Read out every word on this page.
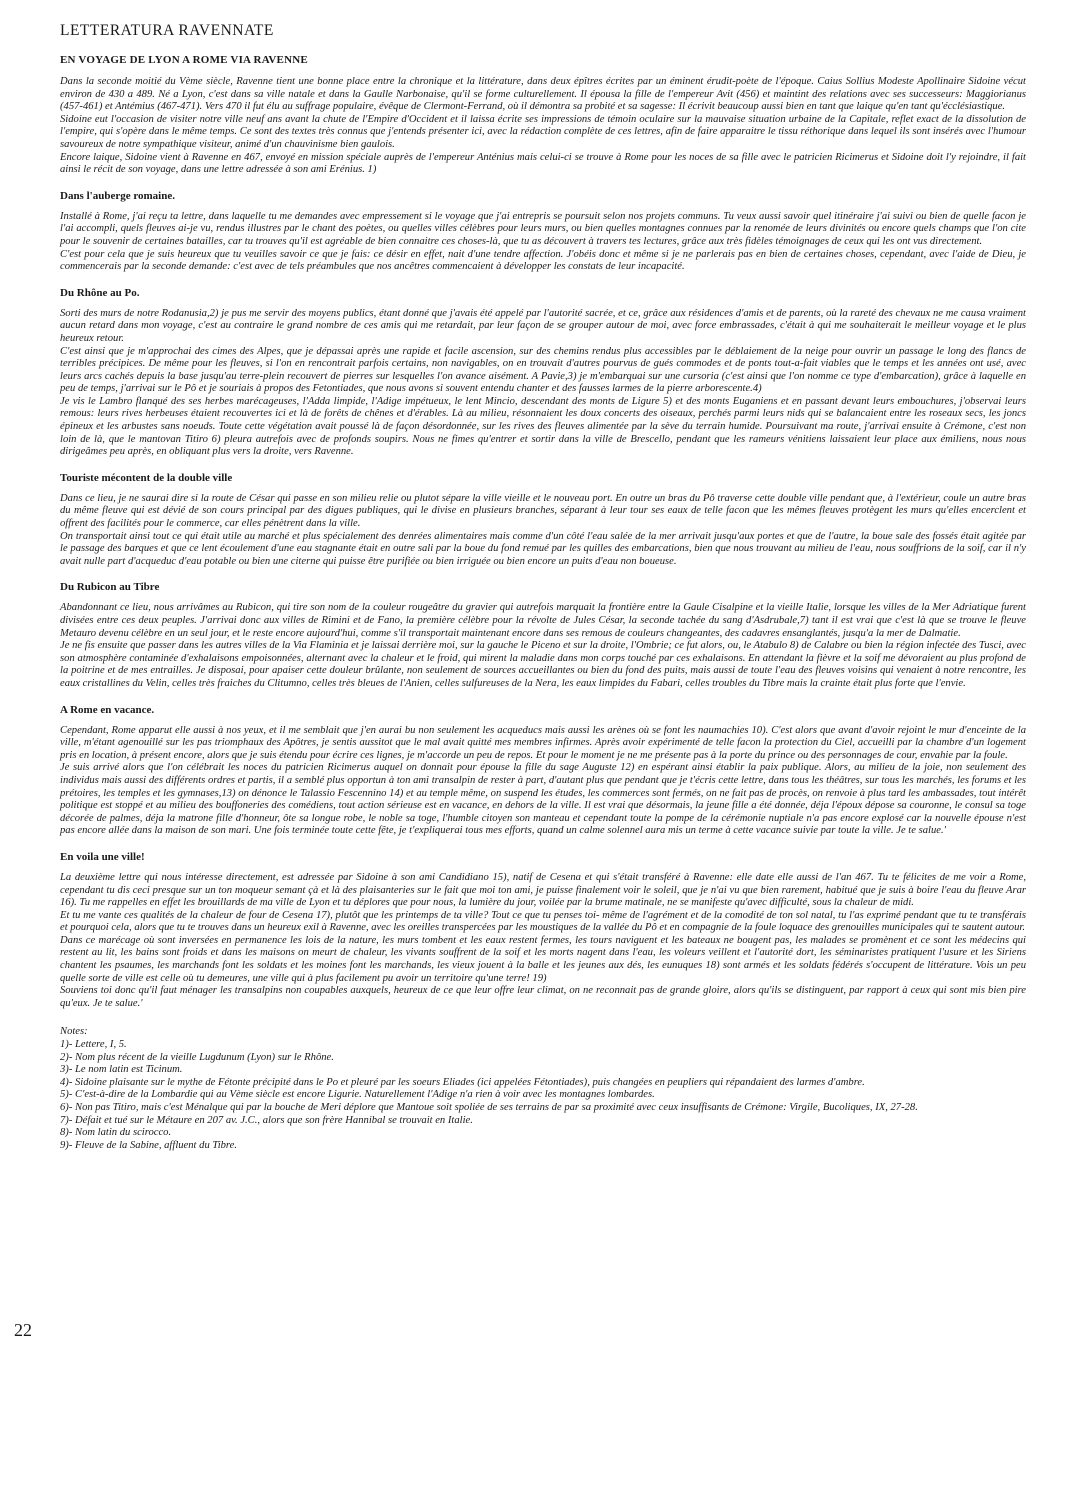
LETTERATURA RAVENNATE
EN VOYAGE DE LYON A ROME VIA RAVENNE

Dans la seconde moitié du Vème siècle, Ravenne tient une bonne place entre la chronique et la littérature, dans deux épîtres écrites par un éminent érudit-poète de l'époque. Caius Sollius Modeste Apollinaire Sidoine vécut environ de 430 a 489. Né a Lyon, c'est dans sa ville natale et dans la Gaulle Narbonaise, qu'il se forme culturellement. Il épousa la fille de l'empereur Avit (456) et maintint des relations avec ses successeurs: Maggiorianus (457-461) et Antémius (467-471). Vers 470 il fut élu au suffrage populaire, évêque de Clermont-Ferrand, où il démontra sa probité et sa sagesse: Il écrivit beaucoup aussi bien en tant que laique qu'en tant qu'écclésiastique.

Sidoine eut l'occasion de visiter notre ville neuf ans avant la chute de l'Empire d'Occident et il laissa écrite ses impressions de témoin oculaire sur la mauvaise situation urbaine de la Capitale, reflet exact de la dissolution de l'empire, qui s'opère dans le même temps. Ce sont des textes très connus que j'entends présenter ici, avec la rédaction complète de ces lettres, afin de faire apparaitre le tissu réthorique dans lequel ils sont insérés avec l'humour savoureux de notre sympathique visiteur, animé d'un chauvinisme bien gaulois.

Encore laique, Sidoine vient à Ravenne en 467, envoyé en mission spéciale auprès de l'empereur Anténius mais celui-ci se trouve à Rome pour les noces de sa fille avec le patricien Ricimerus et Sidoine doit l'y rejoindre, il fait ainsi le récit de son voyage, dans une lettre adressée à son ami Erénius. 1)

Dans l'auberge romaine.

Installé à Rome, j'ai reçu ta lettre, dans laquelle tu me demandes avec empressement si le voyage que j'ai entrepris se poursuit selon nos projets communs. Tu veux aussi savoir quel itinéraire j'ai suivi ou bien de quelle facon je l'ai accompli, quels fleuves ai-je vu, rendus illustres par le chant des poètes, ou quelles villes célèbres pour leurs murs, ou bien quelles montagnes connues par la renomée de leurs divinités ou encore quels champs que l'on cite pour le souvenir de certaines batailles, car tu trouves qu'il est agréable de bien connaitre ces choses-là, que tu as découvert à travers tes lectures, grâce aux très fidèles témoignages de ceux qui les ont vus directement.

C'est pour cela que je suis heureux que tu veuilles savoir ce que je fais: ce désir en effet, nait d'une tendre affection. J'obéis donc et même si je ne parlerais pas en bien de certaines choses, cependant, avec l'aide de Dieu, je commencerais par la seconde demande: c'est avec de tels préambules que nos ancêtres commencaient à développer les constats de leur incapacité.

Du Rhône au Po.

Sorti des murs de notre Rodanusia,2) je pus me servir des moyens publics, étant donné que j'avais été appelé par l'autorité sacrée, et ce, grâce aux résidences d'amis et de parents, où la rareté des chevaux ne me causa vraiment aucun retard dans mon voyage, c'est au contraire le grand nombre de ces amis qui me retardait, par leur façon de se grouper autour de moi, avec force embrassades, c'était à qui me souhaiterait le meilleur voyage et le plus heureux retour.

C'est ainsi que je m'approchai des cimes des Alpes, que je dépassai après une rapide et facile ascension, sur des chemins rendus plus accessibles par le déblaiement de la neige pour ouvrir un passage le long des flancs de terribles précipices. De même pour les fleuves, si l'on en rencontrait parfois certains, non navigables, on en trouvait d'autres pourvus de gués commodes et de ponts tout-a-fait viables que le temps et les années ont usé, avec leurs arcs cachés depuis la base jusqu'au terre-plein recouvert de pierres sur lesquelles l'on avance aisément. A Pavie,3) je m'embarquai sur une cursoria (c'est ainsi que l'on nomme ce type d'embarcation), grâce à laquelle en peu de temps, j'arrivai sur le Pô et je souriais à propos des Fetontiades, que nous avons si souvent entendu chanter et des fausses larmes de la pierre arborescente.4)

Je vis le Lambro flanqué des ses herbes marécageuses, l'Adda limpide, l'Adige impétueux, le lent Mincio, descendant des monts de Ligure 5) et des monts Euganiens et en passant devant leurs embouchures, j'observai leurs remous: leurs rives herbeuses étaient recouvertes ici et là de forêts de chênes et d'érables. Là au milieu, résonnaient les doux concerts des oiseaux, perchés parmi leurs nids qui se balancaient entre les roseaux secs, les joncs épineux et les arbustes sans noeuds. Toute cette végétation avait poussé là de façon désordonnée, sur les rives des fleuves alimentée par la sève du terrain humide. Poursuivant ma route, j'arrivai ensuite à Crémone, c'est non loin de là, que le mantovan Titiro 6) pleura autrefois avec de profonds soupirs. Nous ne fimes qu'entrer et sortir dans la ville de Brescello, pendant que les rameurs vénitiens laissaient leur place aux émiliens, nous nous dirigeâmes peu après, en obliquant plus vers la droite, vers Ravenne.

Touriste mécontent de la double ville

Dans ce lieu, je ne saurai dire si la route de César qui passe en son milieu relie ou plutot sépare la ville vieille et le nouveau port. En outre un bras du Pô traverse cette double ville pendant que, à l'extérieur, coule un autre bras du même fleuve qui est dévié de son cours principal par des digues publiques, qui le divise en plusieurs branches, séparant à leur tour ses eaux de telle facon que les mêmes fleuves protègent les murs qu'elles encerclent et offrent des facilités pour le commerce, car elles pénètrent dans la ville.

On transportait ainsi tout ce qui était utile au marché et plus spécialement des denrées alimentaires mais comme d'un côté l'eau salée de la mer arrivait jusqu'aux portes et que de l'autre, la boue sale des fossés était agitée par le passage des barques et que ce lent écoulement d'une eau stagnante était en outre sali par la boue du fond remué par les quilles des embarcations, bien que nous trouvant au milieu de l'eau, nous souffrions de la soif, car il n'y avait nulle part d'acqueduc d'eau potable ou bien une citerne qui puisse être purifiée ou bien irriguée ou bien encore un puits d'eau non boueuse.

Du Rubicon au Tibre

Abandonnant ce lieu, nous arrivâmes au Rubicon, qui tire son nom de la couleur rougeâtre du gravier qui autrefois marquait la frontière entre la Gaule Cisalpine et la vieille Italie, lorsque les villes de la Mer Adriatique furent divisées entre ces deux peuples. J'arrivai donc aux villes de Rimini et de Fano, la première célèbre pour la révolte de Jules César, la seconde tachée du sang d'Asdrubale,7) tant il est vrai que c'est là que se trouve le fleuve Metauro devenu célèbre en un seul jour, et le reste encore aujourd'hui, comme s'il transportait maintenant encore dans ses remous de couleurs changeantes, des cadavres ensanglantés, jusqu'a la mer de Dalmatie.

Je ne fis ensuite que passer dans les autres villes de la Via Flaminia et je laissai derrière moi, sur la gauche le Piceno et sur la droite, l'Ombrie; ce fut alors, ou, le Atabulo 8) de Calabre ou bien la région infectée des Tusci, avec son atmosphère contaminée d'exhalaisons empoisonnées, alternant avec la chaleur et le froid, qui mirent la maladie dans mon corps touché par ces exhalaisons. En attendant la fièvre et la soif me dévoraient au plus profond de la poitrine et de mes entrailles. Je disposai, pour apaiser cette douleur brûlante, non seulement de sources accueillantes ou bien du fond des puits, mais aussi de toute l'eau des fleuves voisins qui venaient à notre rencontre, les eaux cristallines du Velin, celles très fraiches du Clitumno, celles très bleues de l'Anien, celles sulfureuses de la Nera, les eaux limpides du Fabari, celles troubles du Tibre mais la crainte était plus forte que l'envie.

A Rome en vacance.

Cependant, Rome apparut elle aussi à nos yeux, et il me semblait que j'en aurai bu non seulement les acqueducs mais aussi les arènes où se font les naumachies 10). C'est alors que avant d'avoir rejoint le mur d'enceinte de la ville, m'étant agenouillé sur les pas triomphaux des Apôtres, je sentis aussitot que le mal avait quitté mes membres infirmes. Après avoir expérimenté de telle facon la protection du Ciel, accueilli par la chambre d'un logement pris en location, à présent encore, alors que je suis étendu pour écrire ces lignes, je m'accorde un peu de repos. Et pour le moment je ne me présente pas à la porte du prince ou des personnages de cour, envahie par la foule.

Je suis arrivé alors que l'on célébrait les noces du patricien Ricimerus auquel on donnait pour épouse la fille du sage Auguste 12) en espérant ainsi établir la paix publique. Alors, au milieu de la joie, non seulement des individus mais aussi des différents ordres et partis, il a semblé plus opportun à ton ami transalpin de rester à part, d'autant plus que pendant que je t'écris cette lettre, dans tous les théâtres, sur tous les marchés, les forums et les prétoires, les temples et les gymnases,13) on dénonce le Talassio Fescennino 14) et au temple même, on suspend les études, les commerces sont fermés, on ne fait pas de procès, on renvoie à plus tard les ambassades, tout intérêt politique est stoppé et au milieu des bouffoneries des comédiens, tout action sérieuse est en vacance, en dehors de la ville. Il est vrai que désormais, la jeune fille a été donnée, déja l'époux dépose sa couronne, le consul sa toge décorée de palmes, déja la matrone fille d'honneur, ôte sa longue robe, le noble sa toge, l'humble citoyen son manteau et cependant toute la pompe de la cérémonie nuptiale n'a pas encore explosé car la nouvelle épouse n'est pas encore allée dans la maison de son mari. Une fois terminée toute cette fête, je t'expliquerai tous mes efforts, quand un calme solennel aura mis un terme à cette vacance suivie par toute la ville. Je te salue.'

En voila une ville!

La deuxième lettre qui nous intéresse directement, est adressée par Sidoine à son ami Candidiano 15), natif de Cesena et qui s'était transféré à Ravenne: elle date elle aussi de l'an 467. Tu te félicites de me voir a Rome, cependant tu dis ceci presque sur un ton moqueur semant çà et là des plaisanteries sur le fait que moi ton ami, je puisse finalement voir le soleil, que je n'ai vu que bien rarement, habitué que je suis à boire l'eau du fleuve Arar 16). Tu me rappelles en effet les brouillards de ma ville de Lyon et tu déplores que pour nous, la lumière du jour, voilée par la brume matinale, ne se manifeste qu'avec difficulté, sous la chaleur de midi.

Et tu me vante ces qualités de la chaleur de four de Cesena 17), plutôt que les printemps de ta ville? Tout ce que tu penses toi- même de l'agrément et de la comodité de ton sol natal, tu l'as exprimé pendant que tu te transférais et pourquoi cela, alors que tu te trouves dans un heureux exil à Ravenne, avec les oreilles transpercées par les moustiques de la vallée du Pô et en compagnie de la foule loquace des grenouilles municipales qui te sautent autour.

Dans ce marécage où sont inversées en permanence les lois de la nature, les murs tombent et les eaux restent fermes, les tours naviguent et les bateaux ne bougent pas, les malades se promènent et ce sont les médecins qui restent au lit, les bains sont froids et dans les maisons on meurt de chaleur, les vivants souffrent de la soif et les morts nagent dans l'eau, les voleurs veillent et l'autorité dort, les séminaristes pratiquent l'usure et les Siriens chantent les psaumes, les marchands font les soldats et les moines font les marchands, les vieux jouent à la balle et les jeunes aux dés, les eunuques 18) sont armés et les soldats fédérés s'occupent de littérature. Vois un peu quelle sorte de ville est celle où tu demeures, une ville qui à plus facilement pu avoir un territoire qu'une terre! 19)

Souviens toi donc qu'il faut ménager les transalpins non coupables auxquels, heureux de ce que leur offre leur climat, on ne reconnait pas de grande gloire, alors qu'ils se distinguent, par rapport à ceux qui sont mis bien pire qu'eux. Je te salue.'

Notes:

1)- Lettere, I, 5.

2)- Nom plus récent de la vieille Lugdunum (Lyon) sur le Rhône.

3)- Le nom latin est Ticinum.

4)- Sidoine plaisante sur le mythe de Fétonte précipité dans le Po et pleuré par les soeurs Eliades (ici appelées Fétontiades), puis changées en peupliers qui répandaient des larmes d'ambre.

5)- C'est-à-dire de la Lombardie qui au Vème siècle est encore Ligurie. Naturellement l'Adige n'a rien à voir avec les montagnes lombardes.

6)- Non pas Titiro, mais c'est Ménalque qui par la bouche de Meri déplore que Mantoue soit spoliée de ses terrains de par sa proximité avec ceux insuffisants de Crémone: Virgile, Bucoliques, IX, 27-28.

7)- Défait et tué sur le Métaure en 207 av. J.C., alors que son frère Hannibal se trouvait en Italie.

8)- Nom latin du scirocco.

9)- Fleuve de la Sabine, affluent du Tibre.

22
